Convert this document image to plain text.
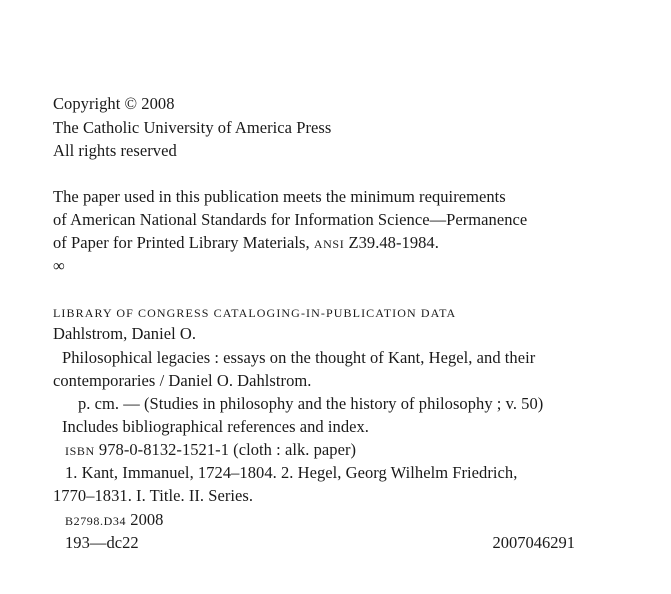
Copyright © 2008
The Catholic University of America Press
All rights reserved
The paper used in this publication meets the minimum requirements
of American National Standards for Information Science—Permanence
of Paper for Printed Library Materials, ANSI Z39.48-1984.
∞
LIBRARY OF CONGRESS CATALOGING-IN-PUBLICATION DATA
Dahlstrom, Daniel O.
Philosophical legacies : essays on the thought of Kant, Hegel, and their
contemporaries / Daniel O. Dahlstrom.
p. cm. — (Studies in philosophy and the history of philosophy ; v. 50)
Includes bibliographical references and index.
ISBN 978-0-8132-1521-1 (cloth : alk. paper)
1. Kant, Immanuel, 1724–1804. 2. Hegel, Georg Wilhelm Friedrich,
1770–1831. I. Title. II. Series.
B2798.D34 2008
193—dc22	2007046291
